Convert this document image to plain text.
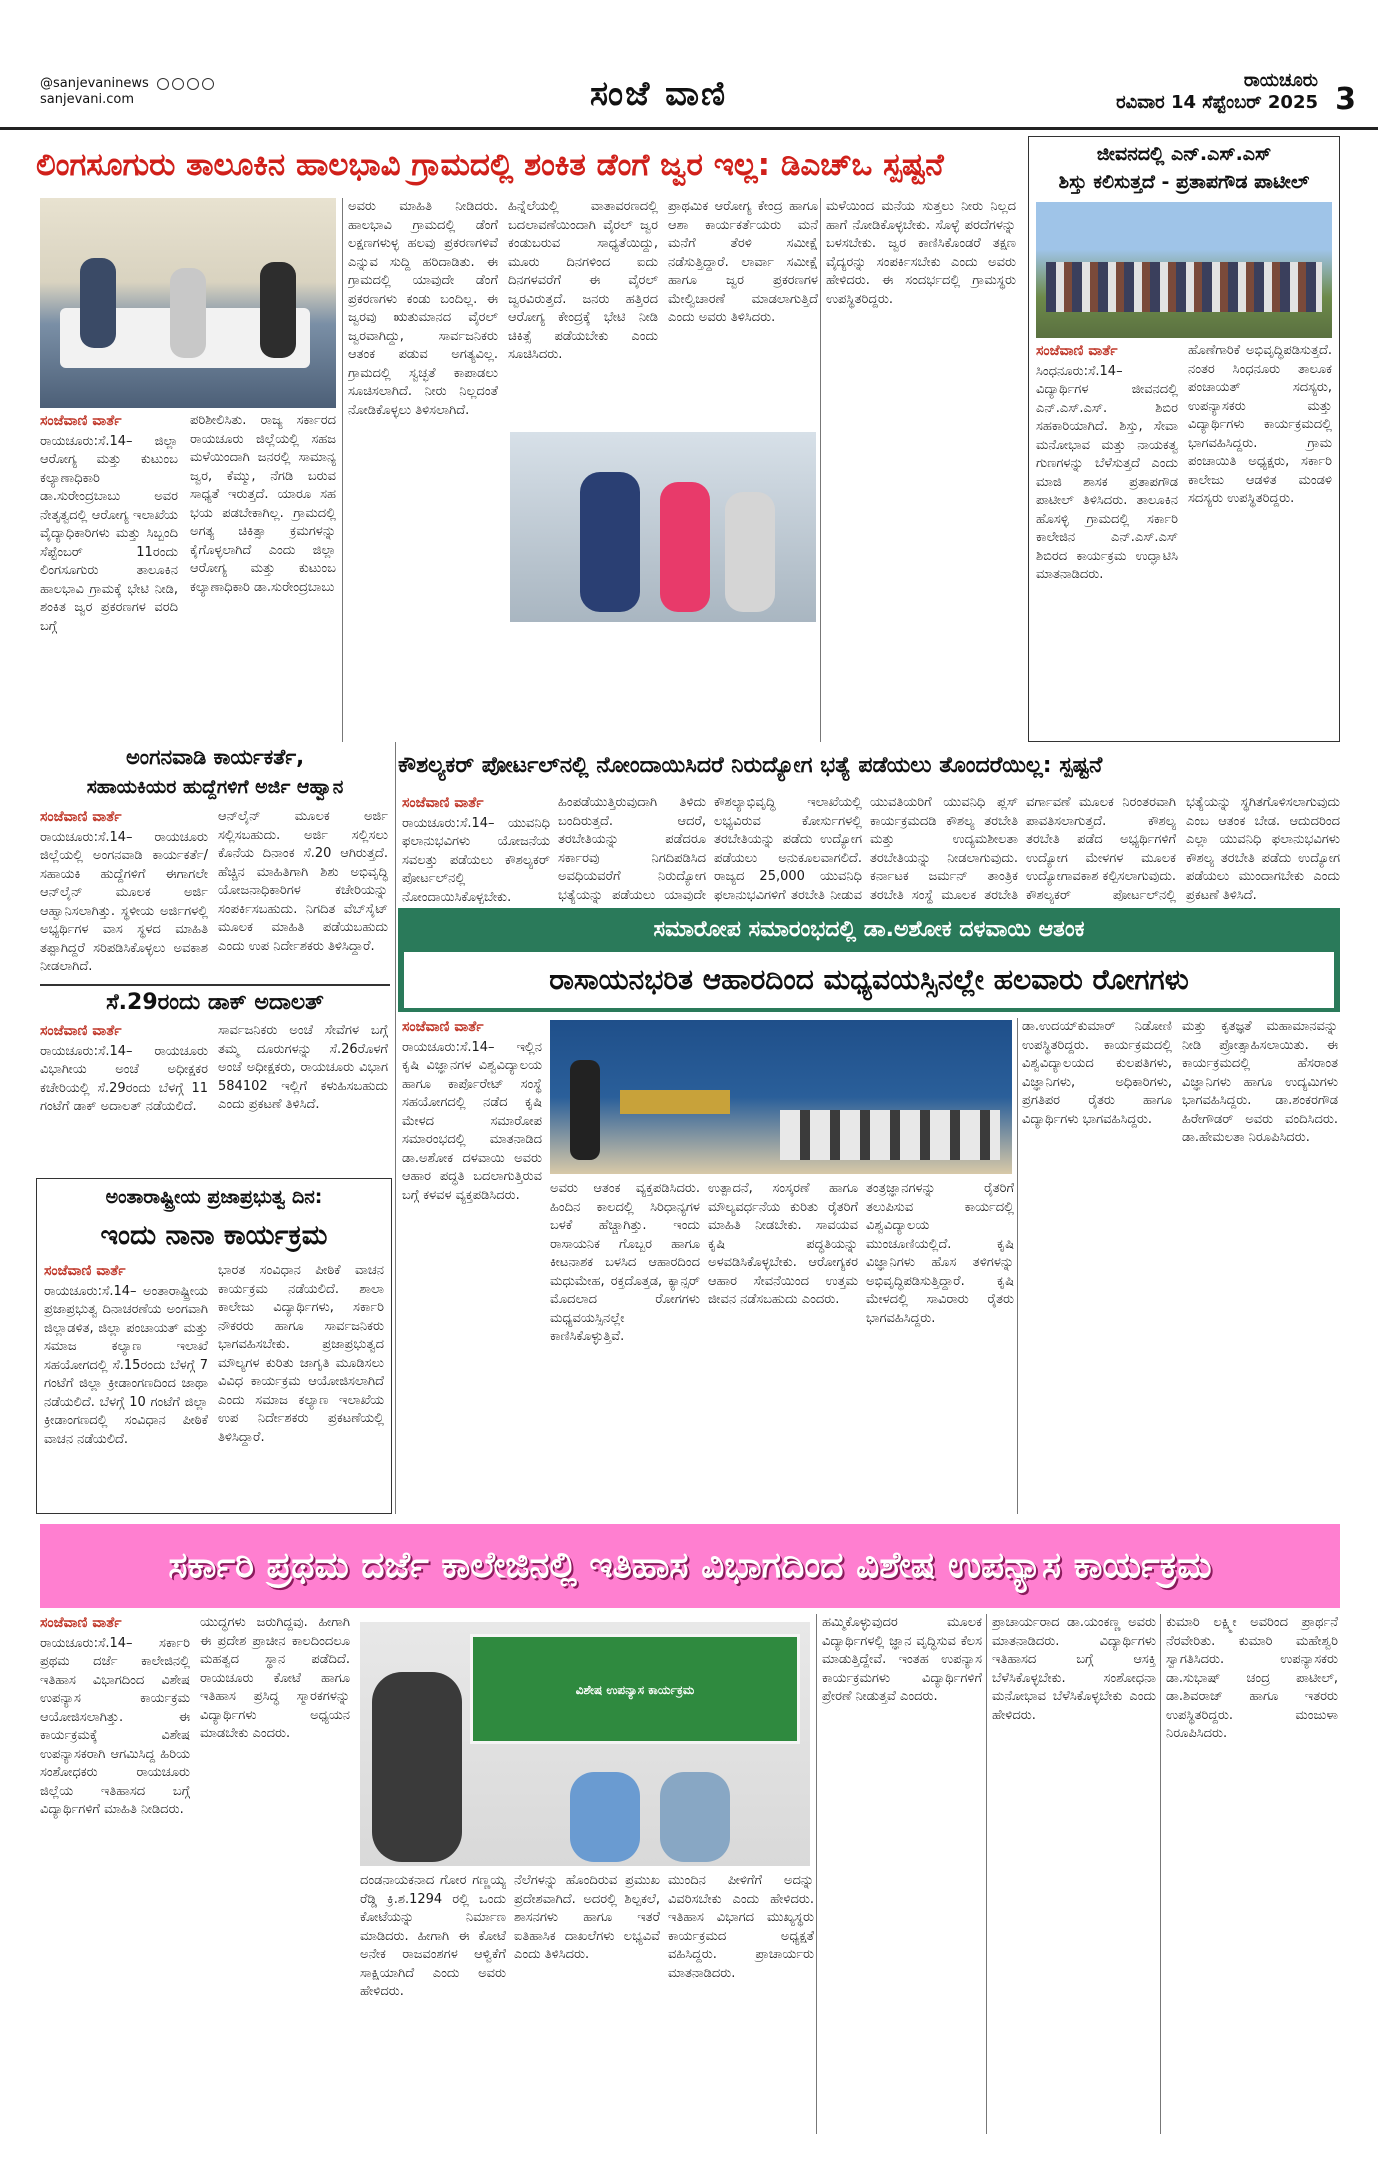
@sanjevaninews
sanjevani.com	ಸಂಜೆ ವಾಣಿ	ರಾಯಚೂರು
ರವಿವಾರ 14 ಸೆಪ್ಟೆಂಬರ್ 2025 3
ಲಿಂಗಸೂಗುರು ತಾಲೂಕಿನ ಹಾಲಭಾವಿ ಗ್ರಾಮದಲ್ಲಿ ಶಂಕಿತ ಡೆಂಗೆ ಜ್ವರ ಇಲ್ಲ: ಡಿಎಚ್‌ಒ ಸ್ಪಷ್ಟನೆ
ಸಂಜೆವಾಣಿ ವಾರ್ತೆ
ರಾಯಚೂರು:ಸೆ.14– ಜಿಲ್ಲಾ ಆರೋಗ್ಯ ಮತ್ತು ಕುಟುಂಬ ಕಲ್ಯಾಣಾಧಿಕಾರಿ ಡಾ.ಸುರೇಂದ್ರಬಾಬು ಅವರ ನೇತೃತ್ವದಲ್ಲಿ ಆರೋಗ್ಯ ಇಲಾಖೆಯ ವೈದ್ಯಾಧಿಕಾರಿಗಳು ಮತ್ತು ಸಿಬ್ಬಂದಿ ಸೆಪ್ಟೆಂಬರ್ 11ರಂದು ಲಿಂಗಸೂಗುರು ತಾಲೂಕಿನ ಹಾಲಭಾವಿ ಗ್ರಾಮಕ್ಕೆ ಭೇಟಿ ನೀಡಿ, ಶಂಕಿತ ಜ್ವರ ಪ್ರಕರಣಗಳ ವರದಿ ಬಗ್ಗೆ
ಪರಿಶೀಲಿಸಿತು. ರಾಜ್ಯ ಸರ್ಕಾರದ ರಾಯಚೂರು ಜಿಲ್ಲೆಯಲ್ಲಿ ಸಹಜ ಮಳೆಯಿಂದಾಗಿ ಜನರಲ್ಲಿ ಸಾಮಾನ್ಯ ಜ್ವರ, ಕೆಮ್ಮು, ನೆಗಡಿ ಬರುವ ಸಾಧ್ಯತೆ ಇರುತ್ತದೆ. ಯಾರೂ ಸಹ ಭಯ ಪಡಬೇಕಾಗಿಲ್ಲ. ಗ್ರಾಮದಲ್ಲಿ ಅಗತ್ಯ ಚಿಕಿತ್ಸಾ ಕ್ರಮಗಳನ್ನು ಕೈಗೊಳ್ಳಲಾಗಿದೆ ಎಂದು ಜಿಲ್ಲಾ ಆರೋಗ್ಯ ಮತ್ತು ಕುಟುಂಬ ಕಲ್ಯಾಣಾಧಿಕಾರಿ ಡಾ.ಸುರೇಂದ್ರಬಾಬು
ಅವರು ಮಾಹಿತಿ ನೀಡಿದರು. ಹಾಲಭಾವಿ ಗ್ರಾಮದಲ್ಲಿ ಡೆಂಗೆ ಲಕ್ಷಣಗಳುಳ್ಳ ಹಲವು ಪ್ರಕರಣಗಳಿವೆ ಎನ್ನುವ ಸುದ್ದಿ ಹರಿದಾಡಿತು. ಈ ಗ್ರಾಮದಲ್ಲಿ ಯಾವುದೇ ಡೆಂಗೆ ಪ್ರಕರಣಗಳು ಕಂಡು ಬಂದಿಲ್ಲ. ಈ ಜ್ವರವು ಋತುಮಾನದ ವೈರಲ್ ಜ್ವರವಾಗಿದ್ದು, ಸಾರ್ವಜನಿಕರು ಆತಂಕ ಪಡುವ ಅಗತ್ಯವಿಲ್ಲ. ಗ್ರಾಮದಲ್ಲಿ ಸ್ವಚ್ಛತೆ ಕಾಪಾಡಲು ಸೂಚಿಸಲಾಗಿದೆ. ನೀರು ನಿಲ್ಲದಂತೆ ನೋಡಿಕೊಳ್ಳಲು ತಿಳಿಸಲಾಗಿದೆ.
ಹಿನ್ನೆಲೆಯಲ್ಲಿ ವಾತಾವರಣದಲ್ಲಿ ಬದಲಾವಣೆಯಿಂದಾಗಿ ವೈರಲ್ ಜ್ವರ ಕಂಡುಬರುವ ಸಾಧ್ಯತೆಯಿದ್ದು, ಮೂರು ದಿನಗಳಿಂದ ಐದು ದಿನಗಳವರೆಗೆ ಈ ವೈರಲ್ ಜ್ವರವಿರುತ್ತದೆ. ಜನರು ಹತ್ತಿರದ ಆರೋಗ್ಯ ಕೇಂದ್ರಕ್ಕೆ ಭೇಟಿ ನೀಡಿ ಚಿಕಿತ್ಸೆ ಪಡೆಯಬೇಕು ಎಂದು ಸೂಚಿಸಿದರು.
ಪ್ರಾಥಮಿಕ ಆರೋಗ್ಯ ಕೇಂದ್ರ ಹಾಗೂ ಆಶಾ ಕಾರ್ಯಕರ್ತೆಯರು ಮನೆ ಮನೆಗೆ ತೆರಳಿ ಸಮೀಕ್ಷೆ ನಡೆಸುತ್ತಿದ್ದಾರೆ. ಲಾರ್ವಾ ಸಮೀಕ್ಷೆ ಹಾಗೂ ಜ್ವರ ಪ್ರಕರಣಗಳ ಮೇಲ್ವಿಚಾರಣೆ ಮಾಡಲಾಗುತ್ತಿದೆ ಎಂದು ಅವರು ತಿಳಿಸಿದರು.
ಮಳೆಯಿಂದ ಮನೆಯ ಸುತ್ತಲು ನೀರು ನಿಲ್ಲದ ಹಾಗೆ ನೋಡಿಕೊಳ್ಳಬೇಕು. ಸೊಳ್ಳೆ ಪರದೆಗಳನ್ನು ಬಳಸಬೇಕು. ಜ್ವರ ಕಾಣಿಸಿಕೊಂಡರೆ ತಕ್ಷಣ ವೈದ್ಯರನ್ನು ಸಂಪರ್ಕಿಸಬೇಕು ಎಂದು ಅವರು ಹೇಳಿದರು. ಈ ಸಂದರ್ಭದಲ್ಲಿ ಗ್ರಾಮಸ್ಥರು ಉಪಸ್ಥಿತರಿದ್ದರು.
ಜೀವನದಲ್ಲಿ ಎನ್.ಎಸ್.ಎಸ್
ಶಿಸ್ತು ಕಲಿಸುತ್ತದೆ - ಪ್ರತಾಪಗೌಡ ಪಾಟೀಲ್
ಸಂಜೆವಾಣಿ ವಾರ್ತೆ
ಸಿಂಧನೂರು:ಸೆ.14– ವಿದ್ಯಾರ್ಥಿಗಳ ಜೀವನದಲ್ಲಿ ಎನ್.ಎಸ್.ಎಸ್. ಶಿಬಿರ ಸಹಕಾರಿಯಾಗಿದೆ. ಶಿಸ್ತು, ಸೇವಾ ಮನೋಭಾವ ಮತ್ತು ನಾಯಕತ್ವ ಗುಣಗಳನ್ನು ಬೆಳೆಸುತ್ತದೆ ಎಂದು ಮಾಜಿ ಶಾಸಕ ಪ್ರತಾಪಗೌಡ ಪಾಟೀಲ್ ತಿಳಿಸಿದರು. ತಾಲೂಕಿನ ಹೊಸಳ್ಳಿ ಗ್ರಾಮದಲ್ಲಿ ಸರ್ಕಾರಿ ಕಾಲೇಜಿನ ಎನ್.ಎಸ್.ಎಸ್ ಶಿಬಿರದ ಕಾರ್ಯಕ್ರಮ ಉದ್ಘಾಟಿಸಿ ಮಾತನಾಡಿದರು.
ಹೊಣೆಗಾರಿಕೆ ಅಭಿವೃದ್ಧಿಪಡಿಸುತ್ತದೆ. ನಂತರ ಸಿಂಧನೂರು ತಾಲೂಕ ಪಂಚಾಯತ್ ಸದಸ್ಯರು, ಉಪನ್ಯಾಸಕರು ಮತ್ತು ವಿದ್ಯಾರ್ಥಿಗಳು ಕಾರ್ಯಕ್ರಮದಲ್ಲಿ ಭಾಗವಹಿಸಿದ್ದರು. ಗ್ರಾಮ ಪಂಚಾಯಿತಿ ಅಧ್ಯಕ್ಷರು, ಸರ್ಕಾರಿ ಕಾಲೇಜು ಆಡಳಿತ ಮಂಡಳಿ ಸದಸ್ಯರು ಉಪಸ್ಥಿತರಿದ್ದರು.
ಅಂಗನವಾಡಿ ಕಾರ್ಯಕರ್ತೆ,
ಸಹಾಯಕಿಯರ ಹುದ್ದೆಗಳಿಗೆ ಅರ್ಜಿ ಆಹ್ವಾನ
ಸಂಜೆವಾಣಿ ವಾರ್ತೆ
ರಾಯಚೂರು:ಸೆ.14– ರಾಯಚೂರು ಜಿಲ್ಲೆಯಲ್ಲಿ ಅಂಗನವಾಡಿ ಕಾರ್ಯಕರ್ತೆ/ಸಹಾಯಕಿ ಹುದ್ದೆಗಳಿಗೆ ಈಗಾಗಲೇ ಆನ್‌ಲೈನ್ ಮೂಲಕ ಅರ್ಜಿ ಆಹ್ವಾನಿಸಲಾಗಿತ್ತು. ಸ್ಥಳೀಯ ಅರ್ಜಿಗಳಲ್ಲಿ ಅಭ್ಯರ್ಥಿಗಳ ವಾಸ ಸ್ಥಳದ ಮಾಹಿತಿ ತಪ್ಪಾಗಿದ್ದರೆ ಸರಿಪಡಿಸಿಕೊಳ್ಳಲು ಅವಕಾಶ ನೀಡಲಾಗಿದೆ.
ಆನ್‌ಲೈನ್ ಮೂಲಕ ಅರ್ಜಿ ಸಲ್ಲಿಸಬಹುದು. ಅರ್ಜಿ ಸಲ್ಲಿಸಲು ಕೊನೆಯ ದಿನಾಂಕ ಸೆ.20 ಆಗಿರುತ್ತದೆ. ಹೆಚ್ಚಿನ ಮಾಹಿತಿಗಾಗಿ ಶಿಶು ಅಭಿವೃದ್ಧಿ ಯೋಜನಾಧಿಕಾರಿಗಳ ಕಚೇರಿಯನ್ನು ಸಂಪರ್ಕಿಸಬಹುದು. ನಿಗದಿತ ವೆಬ್‌ಸೈಟ್ ಮೂಲಕ ಮಾಹಿತಿ ಪಡೆಯಬಹುದು ಎಂದು ಉಪ ನಿರ್ದೇಶಕರು ತಿಳಿಸಿದ್ದಾರೆ.
ಸೆ.29ರಂದು ಡಾಕ್ ಅದಾಲತ್
ಸಂಜೆವಾಣಿ ವಾರ್ತೆ
ರಾಯಚೂರು:ಸೆ.14– ರಾಯಚೂರು ವಿಭಾಗೀಯ ಅಂಚೆ ಅಧೀಕ್ಷಕರ ಕಚೇರಿಯಲ್ಲಿ ಸೆ.29ರಂದು ಬೆಳಗ್ಗೆ 11 ಗಂಟೆಗೆ ಡಾಕ್ ಅದಾಲತ್ ನಡೆಯಲಿದೆ.
ಸಾರ್ವಜನಿಕರು ಅಂಚೆ ಸೇವೆಗಳ ಬಗ್ಗೆ ತಮ್ಮ ದೂರುಗಳನ್ನು ಸೆ.26ರೊಳಗೆ ಅಂಚೆ ಅಧೀಕ್ಷಕರು, ರಾಯಚೂರು ವಿಭಾಗ 584102 ಇಲ್ಲಿಗೆ ಕಳುಹಿಸಬಹುದು ಎಂದು ಪ್ರಕಟಣೆ ತಿಳಿಸಿದೆ.
ಅಂತಾರಾಷ್ಟ್ರೀಯ ಪ್ರಜಾಪ್ರಭುತ್ವ ದಿನ:
ಇಂದು ನಾನಾ ಕಾರ್ಯಕ್ರಮ
ಸಂಜೆವಾಣಿ ವಾರ್ತೆ
ರಾಯಚೂರು:ಸೆ.14– ಅಂತಾರಾಷ್ಟ್ರೀಯ ಪ್ರಜಾಪ್ರಭುತ್ವ ದಿನಾಚರಣೆಯ ಅಂಗವಾಗಿ ಜಿಲ್ಲಾಡಳಿತ, ಜಿಲ್ಲಾ ಪಂಚಾಯತ್ ಮತ್ತು ಸಮಾಜ ಕಲ್ಯಾಣ ಇಲಾಖೆ ಸಹಯೋಗದಲ್ಲಿ ಸೆ.15ರಂದು ಬೆಳಗ್ಗೆ 7 ಗಂಟೆಗೆ ಜಿಲ್ಲಾ ಕ್ರೀಡಾಂಗಣದಿಂದ ಜಾಥಾ ನಡೆಯಲಿದೆ. ಬೆಳಗ್ಗೆ 10 ಗಂಟೆಗೆ ಜಿಲ್ಲಾ ಕ್ರೀಡಾಂಗಣದಲ್ಲಿ ಸಂವಿಧಾನ ಪೀಠಿಕೆ ವಾಚನ ನಡೆಯಲಿದೆ.
ಭಾರತ ಸಂವಿಧಾನ ಪೀಠಿಕೆ ವಾಚನ ಕಾರ್ಯಕ್ರಮ ನಡೆಯಲಿದೆ. ಶಾಲಾ ಕಾಲೇಜು ವಿದ್ಯಾರ್ಥಿಗಳು, ಸರ್ಕಾರಿ ನೌಕರರು ಹಾಗೂ ಸಾರ್ವಜನಿಕರು ಭಾಗವಹಿಸಬೇಕು. ಪ್ರಜಾಪ್ರಭುತ್ವದ ಮೌಲ್ಯಗಳ ಕುರಿತು ಜಾಗೃತಿ ಮೂಡಿಸಲು ವಿವಿಧ ಕಾರ್ಯಕ್ರಮ ಆಯೋಜಿಸಲಾಗಿದೆ ಎಂದು ಸಮಾಜ ಕಲ್ಯಾಣ ಇಲಾಖೆಯ ಉಪ ನಿರ್ದೇಶಕರು ಪ್ರಕಟಣೆಯಲ್ಲಿ ತಿಳಿಸಿದ್ದಾರೆ.
ಕೌಶಲ್ಯಕರ್ ಪೋರ್ಟಲ್‌ನಲ್ಲಿ ನೋಂದಾಯಿಸಿದರೆ ನಿರುದ್ಯೋಗ ಭತ್ಯೆ ಪಡೆಯಲು ತೊಂದರೆಯಿಲ್ಲ: ಸ್ಪಷ್ಟನೆ
ಸಂಜೆವಾಣಿ ವಾರ್ತೆ
ರಾಯಚೂರು:ಸೆ.14– ಯುವನಿಧಿ ಫಲಾನುಭವಿಗಳು ಯೋಜನೆಯ ಸವಲತ್ತು ಪಡೆಯಲು ಕೌಶಲ್ಯಕರ್ ಪೋರ್ಟಲ್‌ನಲ್ಲಿ ನೋಂದಾಯಿಸಿಕೊಳ್ಳಬೇಕು.
ಹಿಂಪಡೆಯುತ್ತಿರುವುದಾಗಿ ತಿಳಿದು ಬಂದಿರುತ್ತದೆ. ಆದರೆ, ತರಬೇತಿಯನ್ನು ಪಡೆದರೂ ಸರ್ಕಾರವು ನಿಗದಿಪಡಿಸಿದ ಅವಧಿಯವರೆಗೆ ನಿರುದ್ಯೋಗ ಭತ್ಯೆಯನ್ನು ಪಡೆಯಲು ಯಾವುದೇ
ಕೌಶಲ್ಯಾಭಿವೃದ್ಧಿ ಇಲಾಖೆಯಲ್ಲಿ ಲಭ್ಯವಿರುವ ಕೋರ್ಸುಗಳಲ್ಲಿ ತರಬೇತಿಯನ್ನು ಪಡೆದು ಉದ್ಯೋಗ ಪಡೆಯಲು ಅನುಕೂಲವಾಗಲಿದೆ. ರಾಜ್ಯದ 25,000 ಯುವನಿಧಿ ಫಲಾನುಭವಿಗಳಿಗೆ ತರಬೇತಿ ನೀಡುವ
ಯುವತಿಯರಿಗೆ ಯುವನಿಧಿ ಪ್ಲಸ್ ಕಾರ್ಯಕ್ರಮದಡಿ ಕೌಶಲ್ಯ ತರಬೇತಿ ಮತ್ತು ಉದ್ಯಮಶೀಲತಾ ತರಬೇತಿಯನ್ನು ನೀಡಲಾಗುವುದು. ಕರ್ನಾಟಕ ಜರ್ಮನ್ ತಾಂತ್ರಿಕ ತರಬೇತಿ ಸಂಸ್ಥೆ ಮೂಲಕ ತರಬೇತಿ
ವರ್ಗಾವಣೆ ಮೂಲಕ ನಿರಂತರವಾಗಿ ಪಾವತಿಸಲಾಗುತ್ತದೆ. ಕೌಶಲ್ಯ ತರಬೇತಿ ಪಡೆದ ಅಭ್ಯರ್ಥಿಗಳಿಗೆ ಉದ್ಯೋಗ ಮೇಳಗಳ ಮೂಲಕ ಉದ್ಯೋಗಾವಕಾಶ ಕಲ್ಪಿಸಲಾಗುವುದು. ಕೌಶಲ್ಯಕರ್ ಪೋರ್ಟಲ್‌ನಲ್ಲಿ
ಭತ್ಯೆಯನ್ನು ಸ್ಥಗಿತಗೊಳಿಸಲಾಗುವುದು ಎಂಬ ಆತಂಕ ಬೇಡ. ಆದುದರಿಂದ ಎಲ್ಲಾ ಯುವನಿಧಿ ಫಲಾನುಭವಿಗಳು ಕೌಶಲ್ಯ ತರಬೇತಿ ಪಡೆದು ಉದ್ಯೋಗ ಪಡೆಯಲು ಮುಂದಾಗಬೇಕು ಎಂದು ಪ್ರಕಟಣೆ ತಿಳಿಸಿದೆ.
ಸಮಾರೋಪ ಸಮಾರಂಭದಲ್ಲಿ ಡಾ.ಅಶೋಕ ದಳವಾಯಿ ಆತಂಕ
ರಾಸಾಯನಭರಿತ ಆಹಾರದಿಂದ ಮಧ್ಯವಯಸ್ಸಿನಲ್ಲೇ ಹಲವಾರು ರೋಗಗಳು
ಸಂಜೆವಾಣಿ ವಾರ್ತೆ
ರಾಯಚೂರು:ಸೆ.14– ಇಲ್ಲಿನ ಕೃಷಿ ವಿಜ್ಞಾನಗಳ ವಿಶ್ವವಿದ್ಯಾಲಯ ಹಾಗೂ ಕಾರ್ಪೊರೇಟ್ ಸಂಸ್ಥೆ ಸಹಯೋಗದಲ್ಲಿ ನಡೆದ ಕೃಷಿ ಮೇಳದ ಸಮಾರೋಪ ಸಮಾರಂಭದಲ್ಲಿ ಮಾತನಾಡಿದ ಡಾ.ಅಶೋಕ ದಳವಾಯಿ ಅವರು ಆಹಾರ ಪದ್ಧತಿ ಬದಲಾಗುತ್ತಿರುವ ಬಗ್ಗೆ ಕಳವಳ ವ್ಯಕ್ತಪಡಿಸಿದರು.	ಅವರು ಆತಂಕ ವ್ಯಕ್ತಪಡಿಸಿದರು. ಹಿಂದಿನ ಕಾಲದಲ್ಲಿ ಸಿರಿಧಾನ್ಯಗಳ ಬಳಕೆ ಹೆಚ್ಚಾಗಿತ್ತು. ಇಂದು ರಾಸಾಯನಿಕ ಗೊಬ್ಬರ ಹಾಗೂ ಕೀಟನಾಶಕ ಬಳಸಿದ ಆಹಾರದಿಂದ ಮಧುಮೇಹ, ರಕ್ತದೊತ್ತಡ, ಕ್ಯಾನ್ಸರ್ ಮೊದಲಾದ ರೋಗಗಳು ಮಧ್ಯವಯಸ್ಸಿನಲ್ಲೇ ಕಾಣಿಸಿಕೊಳ್ಳುತ್ತಿವೆ.
ಉತ್ಪಾದನೆ, ಸಂಸ್ಕರಣೆ ಹಾಗೂ ಮೌಲ್ಯವರ್ಧನೆಯ ಕುರಿತು ರೈತರಿಗೆ ಮಾಹಿತಿ ನೀಡಬೇಕು. ಸಾವಯವ ಕೃಷಿ ಪದ್ಧತಿಯನ್ನು ಅಳವಡಿಸಿಕೊಳ್ಳಬೇಕು. ಆರೋಗ್ಯಕರ ಆಹಾರ ಸೇವನೆಯಿಂದ ಉತ್ತಮ ಜೀವನ ನಡೆಸಬಹುದು ಎಂದರು.
ತಂತ್ರಜ್ಞಾನಗಳನ್ನು ರೈತರಿಗೆ ತಲುಪಿಸುವ ಕಾರ್ಯದಲ್ಲಿ ವಿಶ್ವವಿದ್ಯಾಲಯ ಮುಂಚೂಣಿಯಲ್ಲಿದೆ. ಕೃಷಿ ವಿಜ್ಞಾನಿಗಳು ಹೊಸ ತಳಿಗಳನ್ನು ಅಭಿವೃದ್ಧಿಪಡಿಸುತ್ತಿದ್ದಾರೆ. ಕೃಷಿ ಮೇಳದಲ್ಲಿ ಸಾವಿರಾರು ರೈತರು ಭಾಗವಹಿಸಿದ್ದರು.
ಡಾ.ಉದಯ್‌ಕುಮಾರ್ ನಿಡೋಣಿ ಉಪಸ್ಥಿತರಿದ್ದರು. ಕಾರ್ಯಕ್ರಮದಲ್ಲಿ ವಿಶ್ವವಿದ್ಯಾಲಯದ ಕುಲಪತಿಗಳು, ವಿಜ್ಞಾನಿಗಳು, ಅಧಿಕಾರಿಗಳು, ಪ್ರಗತಿಪರ ರೈತರು ಹಾಗೂ ವಿದ್ಯಾರ್ಥಿಗಳು ಭಾಗವಹಿಸಿದ್ದರು.
ಮತ್ತು ಕೃತಜ್ಞತೆ ಮಹಾಮಾನವನ್ನು ನೀಡಿ ಪ್ರೋತ್ಸಾಹಿಸಲಾಯಿತು. ಈ ಕಾರ್ಯಕ್ರಮದಲ್ಲಿ ಹೆಸರಾಂತ ವಿಜ್ಞಾನಿಗಳು ಹಾಗೂ ಉದ್ಯಮಿಗಳು ಭಾಗವಹಿಸಿದ್ದರು. ಡಾ.ಶಂಕರಗೌಡ ಹಿರೇಗೌಡರ್ ಅವರು ವಂದಿಸಿದರು. ಡಾ.ಹೇಮಲತಾ ನಿರೂಪಿಸಿದರು.
ಸರ್ಕಾರಿ ಪ್ರಥಮ ದರ್ಜೆ ಕಾಲೇಜಿನಲ್ಲಿ ಇತಿಹಾಸ ವಿಭಾಗದಿಂದ ವಿಶೇಷ ಉಪನ್ಯಾಸ ಕಾರ್ಯಕ್ರಮ
ಸಂಜೆವಾಣಿ ವಾರ್ತೆ
ರಾಯಚೂರು:ಸೆ.14– ಸರ್ಕಾರಿ ಪ್ರಥಮ ದರ್ಜೆ ಕಾಲೇಜಿನಲ್ಲಿ ಇತಿಹಾಸ ವಿಭಾಗದಿಂದ ವಿಶೇಷ ಉಪನ್ಯಾಸ ಕಾರ್ಯಕ್ರಮ ಆಯೋಜಿಸಲಾಗಿತ್ತು. ಈ ಕಾರ್ಯಕ್ರಮಕ್ಕೆ ವಿಶೇಷ ಉಪನ್ಯಾಸಕರಾಗಿ ಆಗಮಿಸಿದ್ದ ಹಿರಿಯ ಸಂಶೋಧಕರು ರಾಯಚೂರು ಜಿಲ್ಲೆಯ ಇತಿಹಾಸದ ಬಗ್ಗೆ ವಿದ್ಯಾರ್ಥಿಗಳಿಗೆ ಮಾಹಿತಿ ನೀಡಿದರು.
ಯುದ್ಧಗಳು ಜರುಗಿದ್ದವು. ಹೀಗಾಗಿ ಈ ಪ್ರದೇಶ ಪ್ರಾಚೀನ ಕಾಲದಿಂದಲೂ ಮಹತ್ವದ ಸ್ಥಾನ ಪಡೆದಿದೆ. ರಾಯಚೂರು ಕೋಟೆ ಹಾಗೂ ಇತಿಹಾಸ ಪ್ರಸಿದ್ಧ ಸ್ಮಾರಕಗಳನ್ನು ವಿದ್ಯಾರ್ಥಿಗಳು ಅಧ್ಯಯನ ಮಾಡಬೇಕು ಎಂದರು.
ವಿಶೇಷ ಉಪನ್ಯಾಸ ಕಾರ್ಯಕ್ರಮ
ದಂಡನಾಯಕನಾದ ಗೋರ ಗಣ್ಣಯ್ಯ ರೆಡ್ಡಿ ಕ್ರಿ.ಶ.1294 ರಲ್ಲಿ ಒಂದು ಕೋಟೆಯನ್ನು ನಿರ್ಮಾಣ ಮಾಡಿದರು. ಹೀಗಾಗಿ ಈ ಕೋಟೆ ಅನೇಕ ರಾಜವಂಶಗಳ ಆಳ್ವಿಕೆಗೆ ಸಾಕ್ಷಿಯಾಗಿದೆ ಎಂದು ಅವರು ಹೇಳಿದರು.
ನೆಲೆಗಳನ್ನು ಹೊಂದಿರುವ ಪ್ರಮುಖ ಪ್ರದೇಶವಾಗಿದೆ. ಅದರಲ್ಲಿ ಶಿಲ್ಪಕಲೆ, ಶಾಸನಗಳು ಹಾಗೂ ಇತರೆ ಐತಿಹಾಸಿಕ ದಾಖಲೆಗಳು ಲಭ್ಯವಿವೆ ಎಂದು ತಿಳಿಸಿದರು.
ಮುಂದಿನ ಪೀಳಿಗೆಗೆ ಅದನ್ನು ವಿವರಿಸಬೇಕು ಎಂದು ಹೇಳಿದರು. ಇತಿಹಾಸ ವಿಭಾಗದ ಮುಖ್ಯಸ್ಥರು ಕಾರ್ಯಕ್ರಮದ ಅಧ್ಯಕ್ಷತೆ ವಹಿಸಿದ್ದರು. ಪ್ರಾಚಾರ್ಯರು ಮಾತನಾಡಿದರು.
ಹಮ್ಮಿಕೊಳ್ಳುವುದರ ಮೂಲಕ ವಿದ್ಯಾರ್ಥಿಗಳಲ್ಲಿ ಜ್ಞಾನ ವೃದ್ಧಿಸುವ ಕೆಲಸ ಮಾಡುತ್ತಿದ್ದೇವೆ. ಇಂತಹ ಉಪನ್ಯಾಸ ಕಾರ್ಯಕ್ರಮಗಳು ವಿದ್ಯಾರ್ಥಿಗಳಿಗೆ ಪ್ರೇರಣೆ ನೀಡುತ್ತವೆ ಎಂದರು.
ಪ್ರಾಚಾರ್ಯರಾದ ಡಾ.ಯಂಕಣ್ಣ ಅವರು ಮಾತನಾಡಿದರು. ವಿದ್ಯಾರ್ಥಿಗಳು ಇತಿಹಾಸದ ಬಗ್ಗೆ ಆಸಕ್ತಿ ಬೆಳೆಸಿಕೊಳ್ಳಬೇಕು. ಸಂಶೋಧನಾ ಮನೋಭಾವ ಬೆಳೆಸಿಕೊಳ್ಳಬೇಕು ಎಂದು ಹೇಳಿದರು.
ಕುಮಾರಿ ಲಕ್ಷ್ಮೀ ಅವರಿಂದ ಪ್ರಾರ್ಥನೆ ನೆರವೇರಿತು. ಕುಮಾರಿ ಮಹೇಶ್ವರಿ ಸ್ವಾಗತಿಸಿದರು. ಉಪನ್ಯಾಸಕರು ಡಾ.ಸುಭಾಷ್ ಚಂದ್ರ ಪಾಟೀಲ್, ಡಾ.ಶಿವರಾಜ್ ಹಾಗೂ ಇತರರು ಉಪಸ್ಥಿತರಿದ್ದರು. ಮಂಜುಳಾ ನಿರೂಪಿಸಿದರು.
